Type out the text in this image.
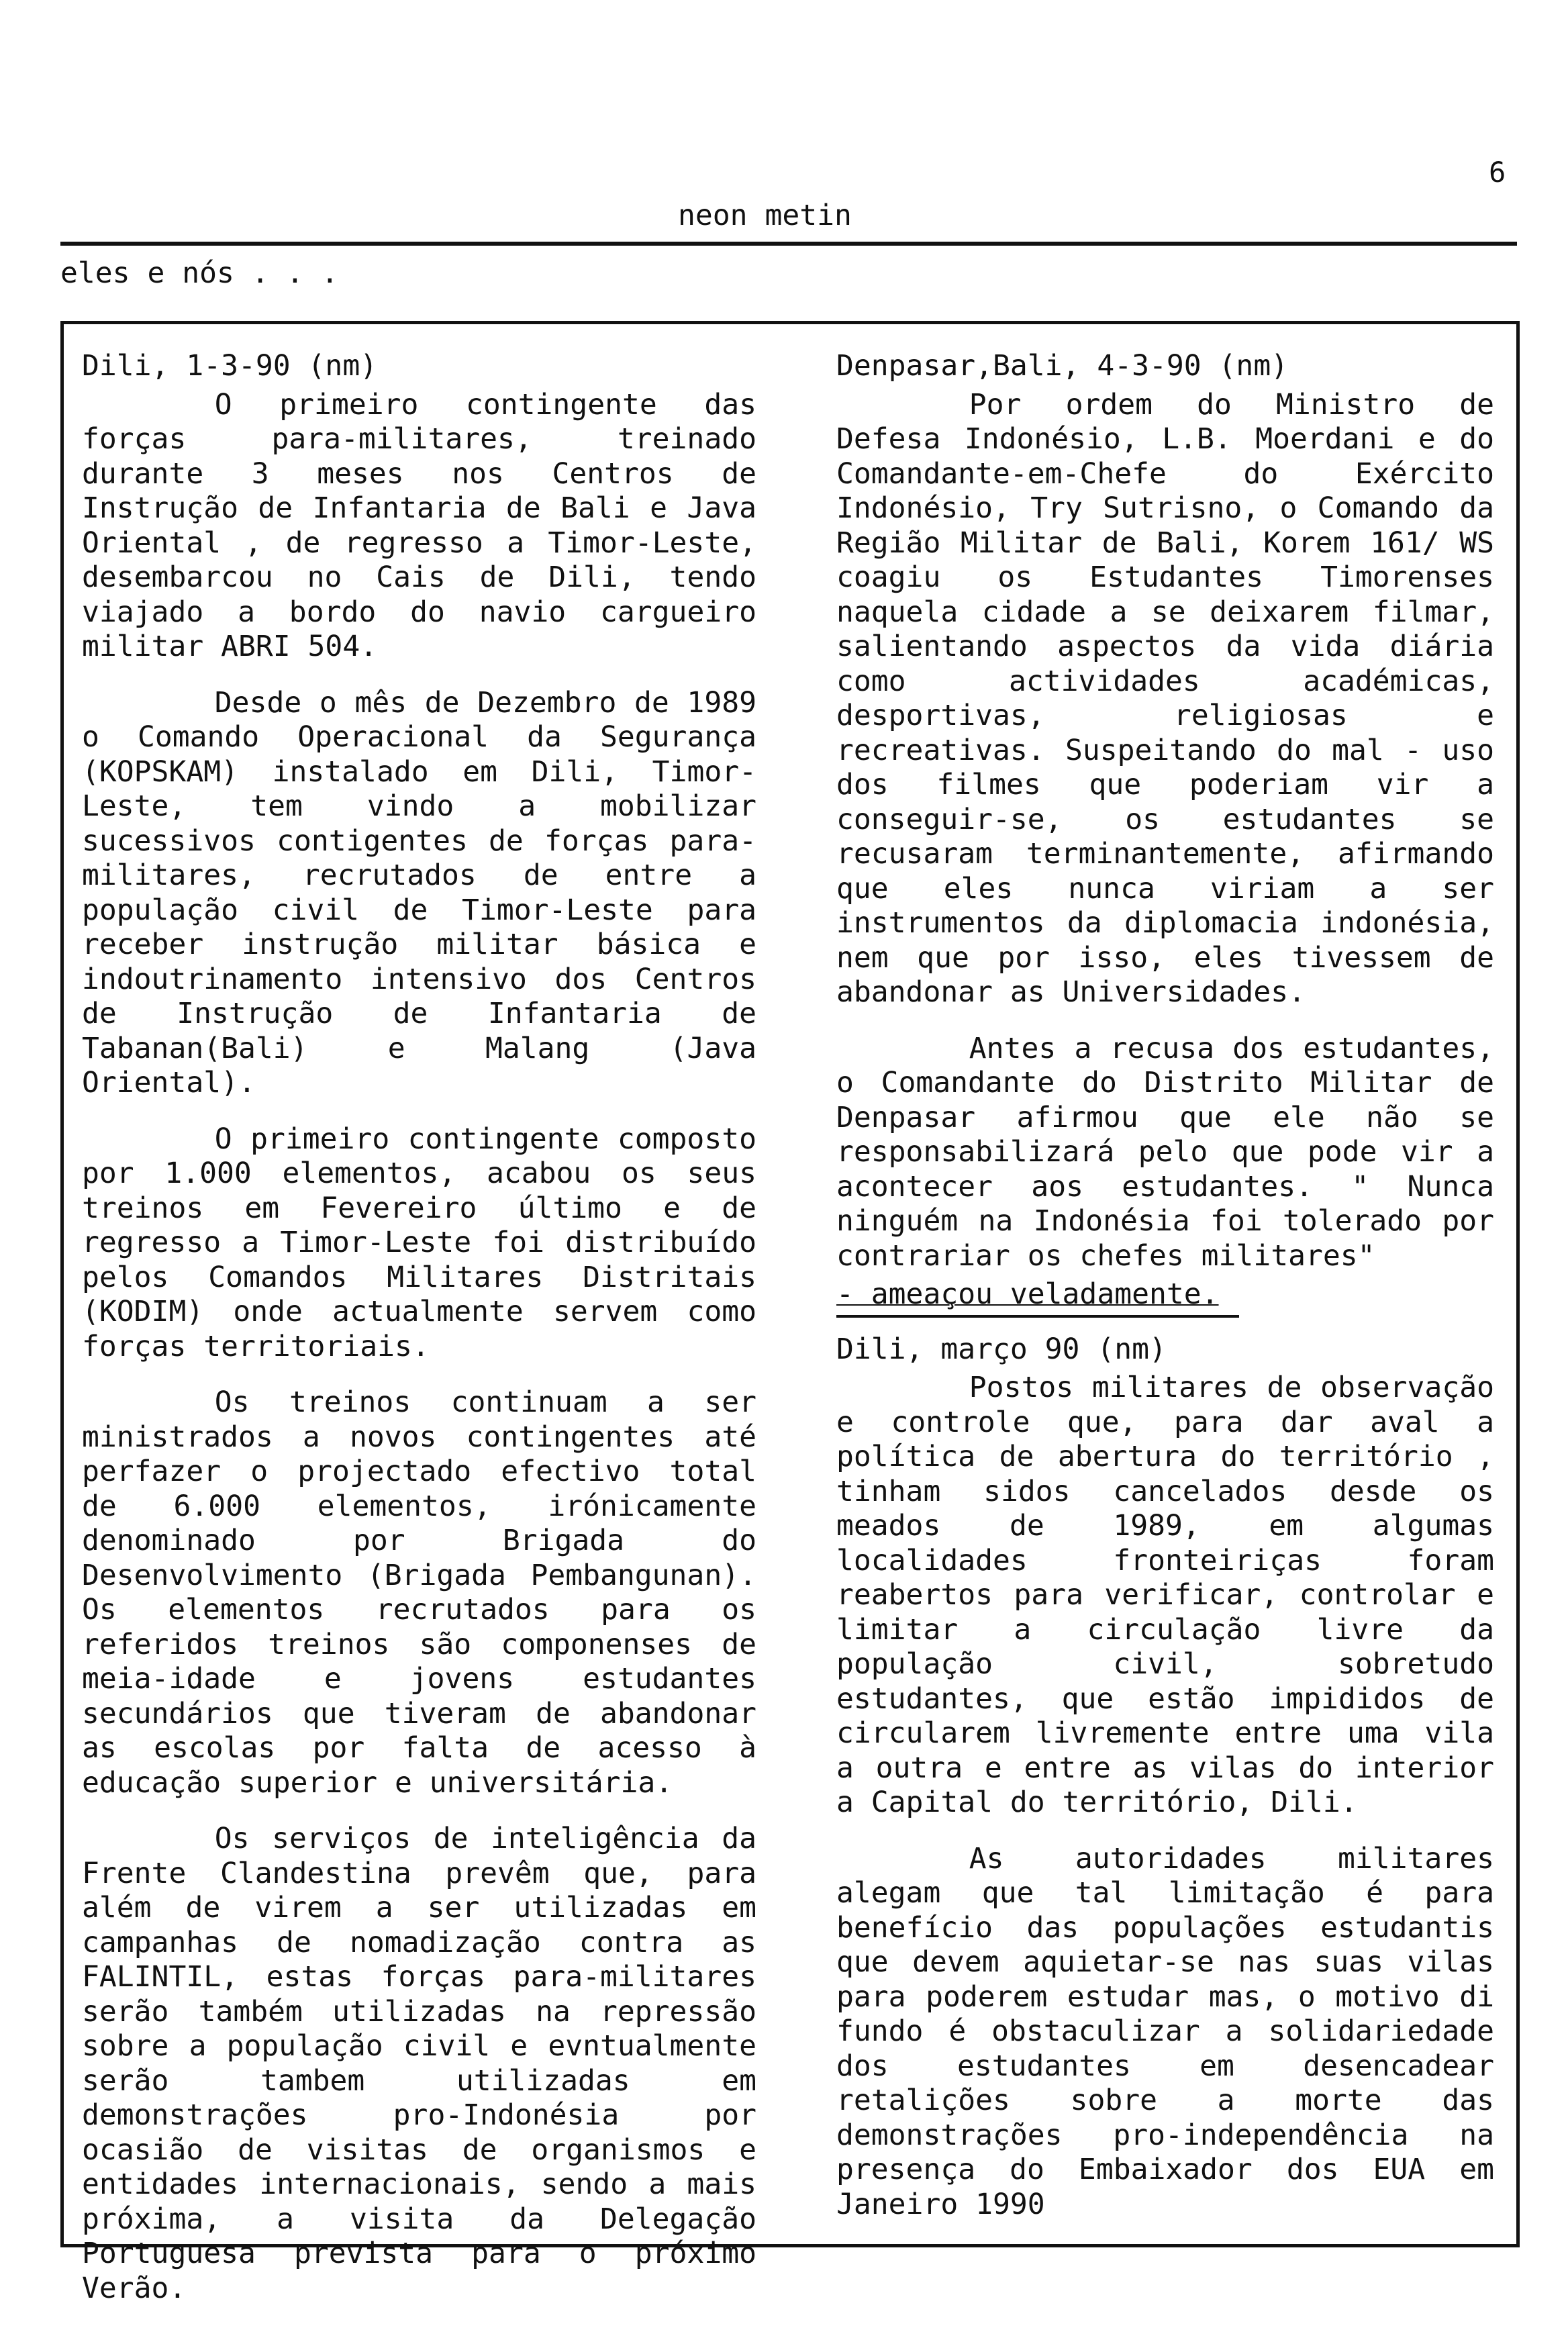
6
neon metin
eles e nós . . .

Dili, 1-3-90 (nm)

O primeiro contingente das forças para-militares, treinado durante 3 meses nos Centros de Instrução de Infantaria de Bali e Java Oriental , de regresso a Timor-Leste, desembarcou no Cais de Dili, tendo viajado a bordo do navio cargueiro militar ABRI 504.

Desde o mês de Dezembro de 1989 o Comando Operacional da Segurança (KOPSKAM) instalado em Dili, Timor-Leste, tem vindo a mobilizar sucessivos contigentes de forças para-militares, recrutados de entre a população civil de Timor-Leste para receber instrução militar básica e indoutrinamento intensivo dos Centros de Instrução de Infantaria de Tabanan(Bali) e Malang (Java Oriental).

O primeiro contingente composto por 1.000 elementos, acabou os seus treinos em Fevereiro último e de regresso a Timor-Leste foi distribuído pelos Comandos Militares Distritais (KODIM) onde actualmente servem como forças territoriais.

Os treinos continuam a ser ministrados a novos contingentes até perfazer o projectado efectivo total de 6.000 elementos, irónicamente denominado por Brigada do Desenvolvimento (Brigada Pembangunan). Os elementos recrutados para os referidos treinos são componenses de meia-idade e jovens estudantes secundários que tiveram de abandonar as escolas por falta de acesso à educação superior e universitária.

Os serviços de inteligência da Frente Clandestina prevêm que, para além de virem a ser utilizadas em campanhas de nomadização contra as FALINTIL, estas forças para-militares serão também utilizadas na repressão sobre a população civil e evntualmente serão tambem utilizadas em demonstrações pro-Indonésia por ocasião de visitas de organismos e entidades internacionais, sendo a mais próxima, a visita da Delegação Portuguesa prevista para o próximo Verão.

Denpasar,Bali, 4-3-90 (nm)

Por ordem do Ministro de Defesa Indonésio, L.B. Moerdani e do Comandante-em-Chefe do Exército Indonésio, Try Sutrisno, o Comando da Região Militar de Bali, Korem 161/ WS coagiu os Estudantes Timorenses naquela cidade a se deixarem filmar, salientando aspectos da vida diária como actividades académicas, desportivas, religiosas e recreativas. Suspeitando do mal - uso dos filmes que poderiam vir a conseguir-se, os estudantes se recusaram terminantemente, afirmando que eles nunca viriam a ser instrumentos da diplomacia indonésia, nem que por isso, eles tivessem de abandonar as Universidades.

Antes a recusa dos estudantes, o Comandante do Distrito Militar de Denpasar afirmou que ele não se responsabilizará pelo que pode vir a acontecer aos estudantes. " Nunca ninguém na Indonésia foi tolerado por contrariar os chefes militares"

- ameaçou veladamente.

Dili, março 90 (nm)

Postos militares de observação e controle que, para dar aval a política de abertura do território , tinham sidos cancelados desde os meados de 1989, em algumas localidades fronteiriças foram reabertos para verificar, controlar e limitar a circulação livre da população civil, sobretudo estudantes, que estão impididos de circularem livremente entre uma vila a outra e entre as vilas do interior a Capital do território, Dili.

As autoridades militares alegam que tal limitação é para benefício das populações estudantis que devem aquietar-se nas suas vilas para poderem estudar mas, o motivo di fundo é obstaculizar a solidariedade dos estudantes em desencadear retalições sobre a morte das demonstrações pro-independência na presença do Embaixador dos EUA em Janeiro 1990
